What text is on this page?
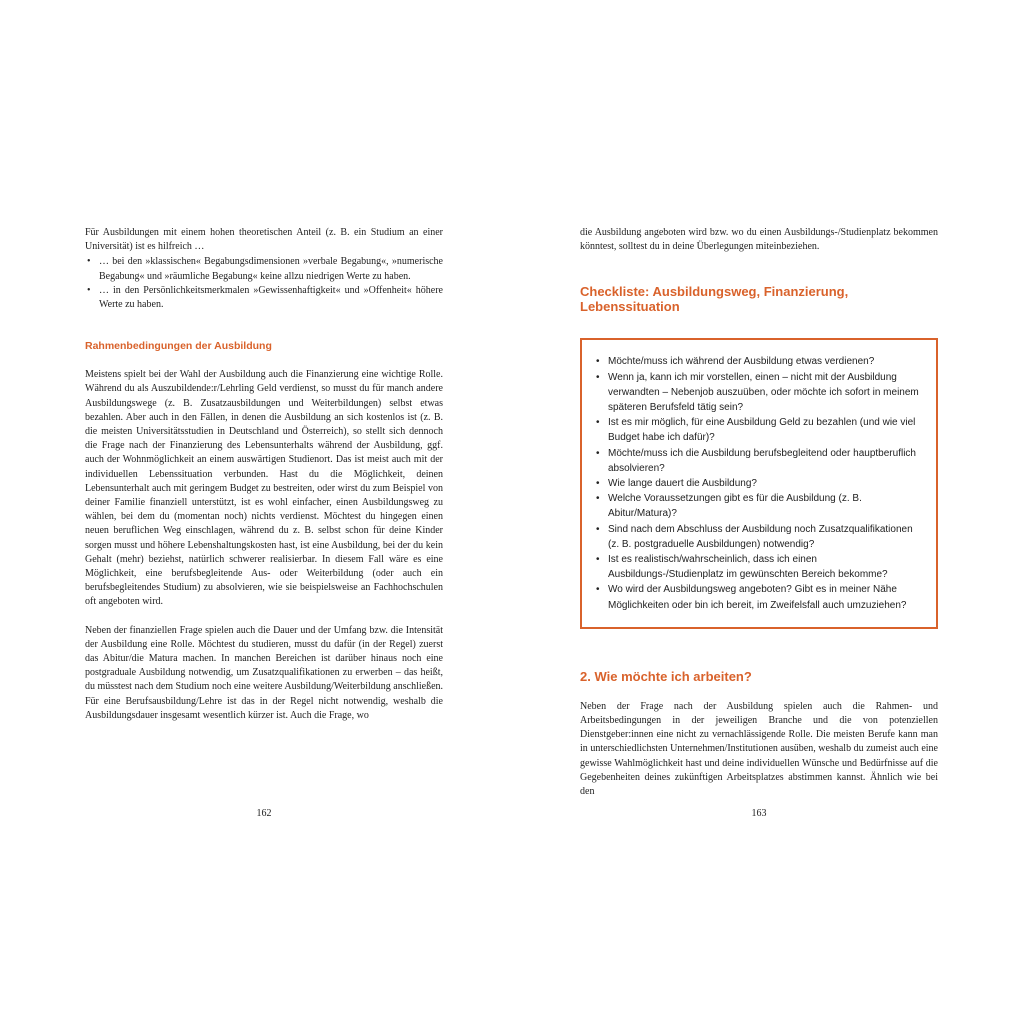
Für Ausbildungen mit einem hohen theoretischen Anteil (z. B. ein Studium an einer Universität) ist es hilfreich …

• … bei den »klassischen« Begabungsdimensionen »verbale Begabung«, »numerische Begabung« und »räumliche Begabung« keine allzu niedrigen Werte zu haben.
• … in den Persönlichkeitsmerkmalen »Gewissenhaftigkeit« und »Offenheit« höhere Werte zu haben.
Rahmenbedingungen der Ausbildung

Meistens spielt bei der Wahl der Ausbildung auch die Finanzierung eine wichtige Rolle. Während du als Auszubildende:r/Lehrling Geld verdienst, so musst du für manch andere Ausbildungswege (z. B. Zusatzausbildungen und Weiterbildungen) selbst etwas bezahlen. Aber auch in den Fällen, in denen die Ausbildung an sich kostenlos ist (z. B. die meisten Universitätsstudien in Deutschland und Österreich), so stellt sich dennoch die Frage nach der Finanzierung des Lebensunterhalts während der Ausbildung, ggf. auch der Wohnmöglichkeit an einem auswärtigen Studienort. Das ist meist auch mit der individuellen Lebenssituation verbunden. Hast du die Möglichkeit, deinen Lebensunterhalt auch mit geringem Budget zu bestreiten, oder wirst du zum Beispiel von deiner Familie finanziell unterstützt, ist es wohl einfacher, einen Ausbildungsweg zu wählen, bei dem du (momentan noch) nichts verdienst. Möchtest du hingegen einen neuen beruflichen Weg einschlagen, während du z. B. selbst schon für deine Kinder sorgen musst und höhere Lebenshaltungskosten hast, ist eine Ausbildung, bei der du kein Gehalt (mehr) beziehst, natürlich schwerer realisierbar. In diesem Fall wäre es eine Möglichkeit, eine berufsbegleitende Aus- oder Weiterbildung (oder auch ein berufsbegleitendes Studium) zu absolvieren, wie sie beispielsweise an Fachhochschulen oft angeboten wird.

Neben der finanziellen Frage spielen auch die Dauer und der Umfang bzw. die Intensität der Ausbildung eine Rolle. Möchtest du studieren, musst du dafür (in der Regel) zuerst das Abitur/die Matura machen. In manchen Bereichen ist darüber hinaus noch eine postgraduale Ausbildung notwendig, um Zusatzqualifikationen zu erwerben – das heißt, du müsstest nach dem Studium noch eine weitere Ausbildung/Weiterbildung anschließen. Für eine Berufsausbildung/Lehre ist das in der Regel nicht notwendig, weshalb die Ausbildungsdauer insgesamt wesentlich kürzer ist. Auch die Frage, wo

die Ausbildung angeboten wird bzw. wo du einen Ausbildungs-/Studienplatz bekommen könntest, solltest du in deine Überlegungen miteinbeziehen.

Checkliste: Ausbildungsweg, Finanzierung, Lebenssituation
• Möchte/muss ich während der Ausbildung etwas verdienen?
• Wenn ja, kann ich mir vorstellen, einen – nicht mit der Ausbildung verwandten – Nebenjob auszuüben, oder möchte ich sofort in meinem späteren Berufsfeld tätig sein?
• Ist es mir möglich, für eine Ausbildung Geld zu bezahlen (und wie viel Budget habe ich dafür)?
• Möchte/muss ich die Ausbildung berufsbegleitend oder hauptberuflich absolvieren?
• Wie lange dauert die Ausbildung?
• Welche Voraussetzungen gibt es für die Ausbildung (z. B. Abitur/Matura)?
• Sind nach dem Abschluss der Ausbildung noch Zusatzqualifikationen (z. B. postgraduelle Ausbildungen) notwendig?
• Ist es realistisch/wahrscheinlich, dass ich einen Ausbildungs-/Studienplatz im gewünschten Bereich bekomme?
• Wo wird der Ausbildungsweg angeboten? Gibt es in meiner Nähe Möglichkeiten oder bin ich bereit, im Zweifelsfall auch umzuziehen?
2. Wie möchte ich arbeiten?

Neben der Frage nach der Ausbildung spielen auch die Rahmen- und Arbeitsbedingungen in der jeweiligen Branche und die von potenziellen Dienstgeber:innen eine nicht zu vernachlässigende Rolle. Die meisten Berufe kann man in unterschiedlichsten Unternehmen/Institutionen ausüben, weshalb du zumeist auch eine gewisse Wahlmöglichkeit hast und deine individuellen Wünsche und Bedürfnisse auf die Gegebenheiten deines zukünftigen Arbeitsplatzes abstimmen kannst. Ähnlich wie bei den

162	163
